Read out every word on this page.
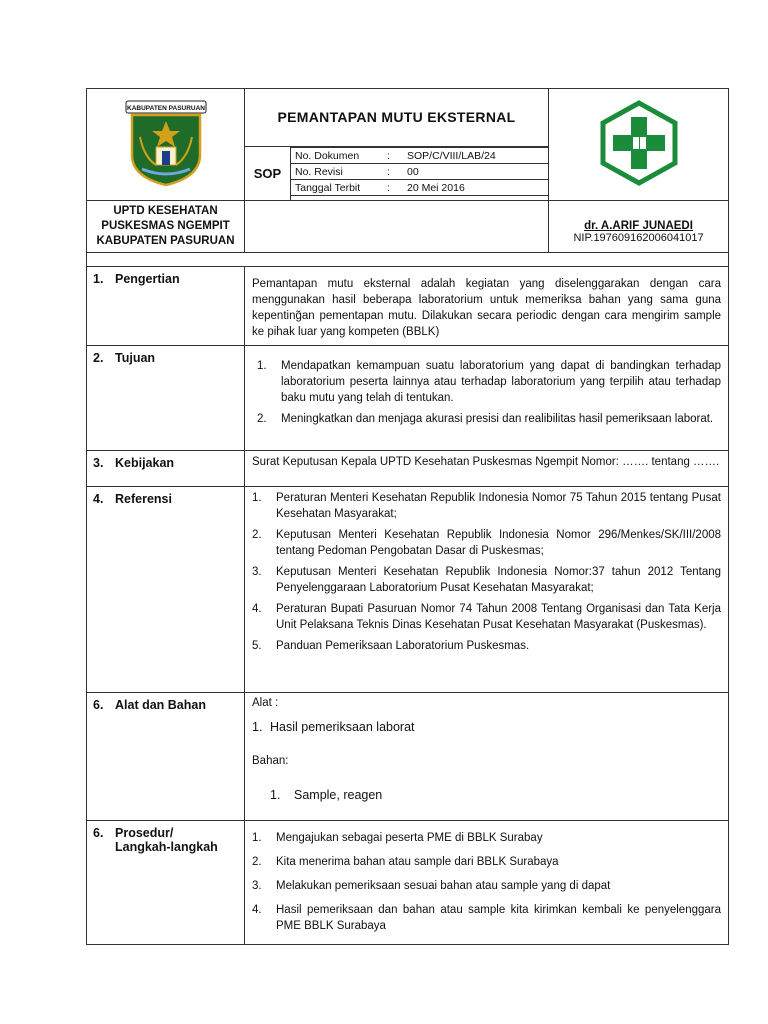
KABUPATEN PASURUAN
	PEMANTAPAN MUTU EKSTERNAL	
SOP	
No. Dokumen	:	SOP/C/VIII/LAB/24
No. Revisi	:	00
Tanggal Terbit	:	20 Mei 2016

UPTD KESEHATAN
PUSKESMAS NGEMPIT
KABUPATEN PASURUAN

dr. A.ARIF JUNAEDI
NIP.197609162006041017

1. Pengertian	Pemantapan mutu eksternal adalah kegiatan yang diselenggarakan dengan cara menggunakan hasil beberapa laboratorium untuk memeriksa bahan yang sama guna kepenting̃an pementapan mutu. Dilakukan secara periodic dengan cara mengirim sample ke pihak luar yang kompeten (BBLK)
2. Tujuan	
1.	Mendapatkan kemampuan suatu laboratorium yang dapat di bandingkan terhadap laboratorium peserta lainnya atau terhadap laboratorium yang terpilih atau terhadap baku mutu yang telah di tentukan.
2.	Meningkatkan dan menjaga akurasi presisi dan realibilitas hasil pemeriksaan laborat.

3. Kebijakan	Surat Keputusan Kepala UPTD Kesehatan Puskesmas Ngempit Nomor: ……. tentang …….
4. Referensi	1.	Peraturan Menteri Kesehatan Republik Indonesia Nomor 75 Tahun 2015 tentang Pusat Kesehatan Masyarakat;
2.	Keputusan Menteri Kesehatan Republik Indonesia Nomor 296/Menkes/SK/III/2008 tentang Pedoman Pengobatan Dasar di Puskesmas;
3.	Keputusan Menteri Kesehatan Republik Indonesia Nomor:37 tahun 2012 Tentang Penyelenggaraan Laboratorium Pusat Kesehatan Masyarakat;
4.	Peraturan Bupati Pasuruan Nomor 74 Tahun 2008 Tentang Organisasi dan Tata Kerja Unit Pelaksana Teknis Dinas Kesehatan Pusat Kesehatan Masyarakat (Puskesmas).
5.	Panduan Pemeriksaan Laboratorium Puskesmas.

6. Alat dan Bahan	Alat :
1. Hasil pemeriksaan laborat
Bahan:
1.	Sample, reagen

6. Prosedur/
Langkah-langkah

1.	Mengajukan sebagai peserta PME di BBLK Surabay
2.	Kita menerima bahan atau sample dari BBLK Surabaya
3.	Melakukan pemeriksaan sesuai bahan atau sample yang di dapat
4.	Hasil pemeriksaan dan bahan atau sample kita kirimkan kembali ke penyelenggara PME BBLK Surabaya
